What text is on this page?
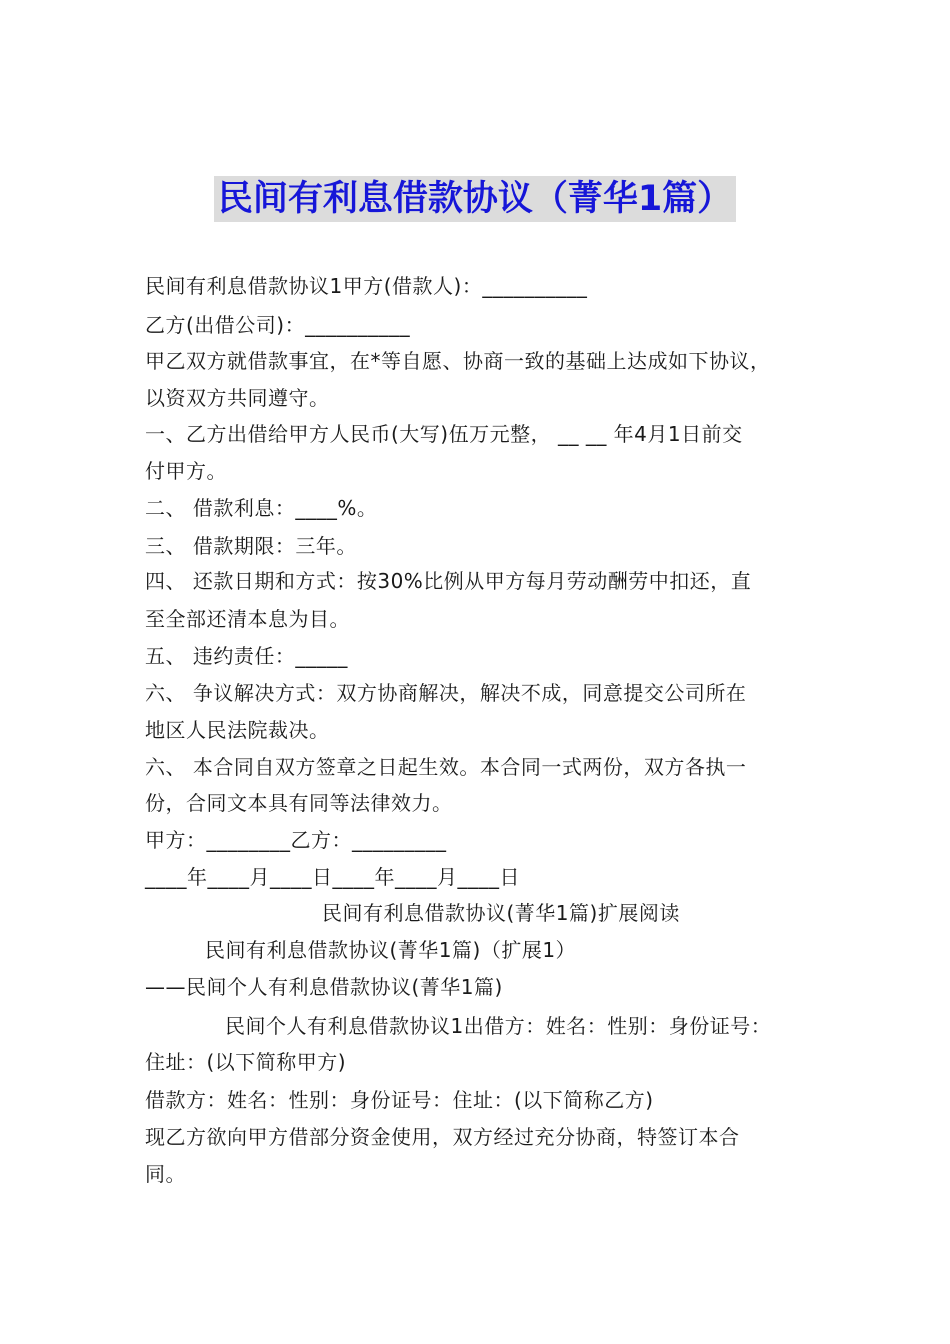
民间有利息借款协议（菁华1篇）
民间有利息借款协议1甲方(借款人)：__________
乙方(出借公司)：__________
甲乙双方就借款事宜，在*等自愿、协商一致的基础上达成如下协议，
以资双方共同遵守。
一、乙方出借给甲方人民币(大写)伍万元整， __ __ 年4月1日前交
付甲方。
二、 借款利息：____%。
三、 借款期限：三年。
四、 还款日期和方式：按30%比例从甲方每月劳动酬劳中扣还，直
至全部还清本息为目。
五、 违约责任：_____
六、 争议解决方式：双方协商解决，解决不成，同意提交公司所在
地区人民法院裁决。
六、 本合同自双方签章之日起生效。本合同一式两份，双方各执一
份，合同文本具有同等法律效力。
甲方：________乙方：_________
____年____月____日____年____月____日
民间有利息借款协议(菁华1篇)扩展阅读
民间有利息借款协议(菁华1篇)（扩展1）
——民间个人有利息借款协议(菁华1篇)
民间个人有利息借款协议1出借方：姓名：性别：身份证号：
住址：(以下简称甲方)
借款方：姓名：性别：身份证号：住址：(以下简称乙方)
现乙方欲向甲方借部分资金使用，双方经过充分协商，特签订本合
同。
